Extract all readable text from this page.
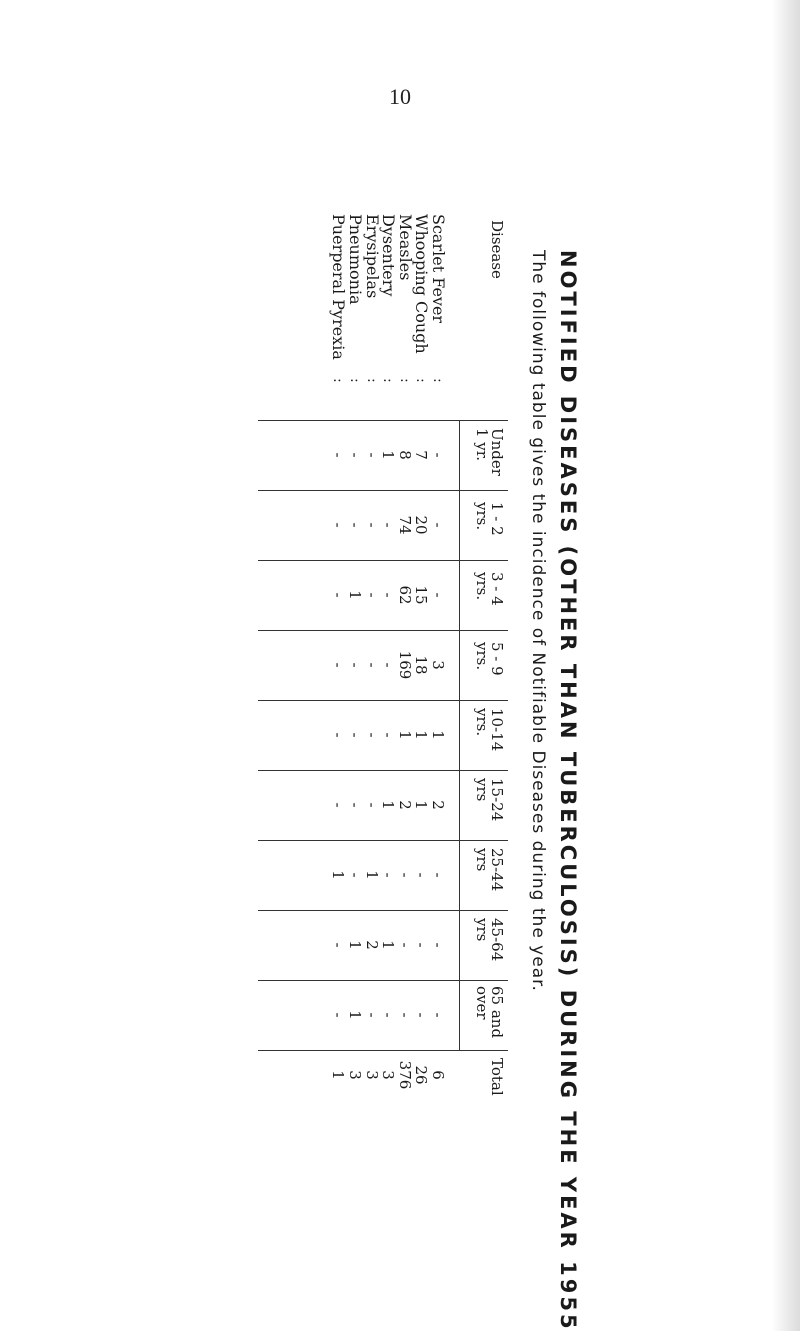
10
NOTIFIED DISEASES (OTHER THAN TUBERCULOSIS) DURING THE YEAR 1955
The following table gives the incidence of Notifiable Diseases during the year.
Disease
Under
1 yr.
1 - 2
yrs.
3 - 4
yrs.
5 - 9
yrs.
10-14
yrs.
15-24
yrs
25-44
yrs
45-64
yrs
65 and
over
Total
Scarlet Fever
Whooping Cough
Measles
Dysentery
Erysipelas
Pneumonia
Puerperal Pyrexia
:
:
:
:
:
:
:
-
7
8
1
-
-
-
-
20
74
-
-
-
-
-
15
62
-
-
1
-
3
18
169
-
-
-
-
1
1
1
-
-
-
-
2
1
2
1
-
-
-
-
-
-
-
1
-
1
-
-
-
1
2
1
-
-
-
-
-
-
1
-
6
26
376
3
3
3
1
